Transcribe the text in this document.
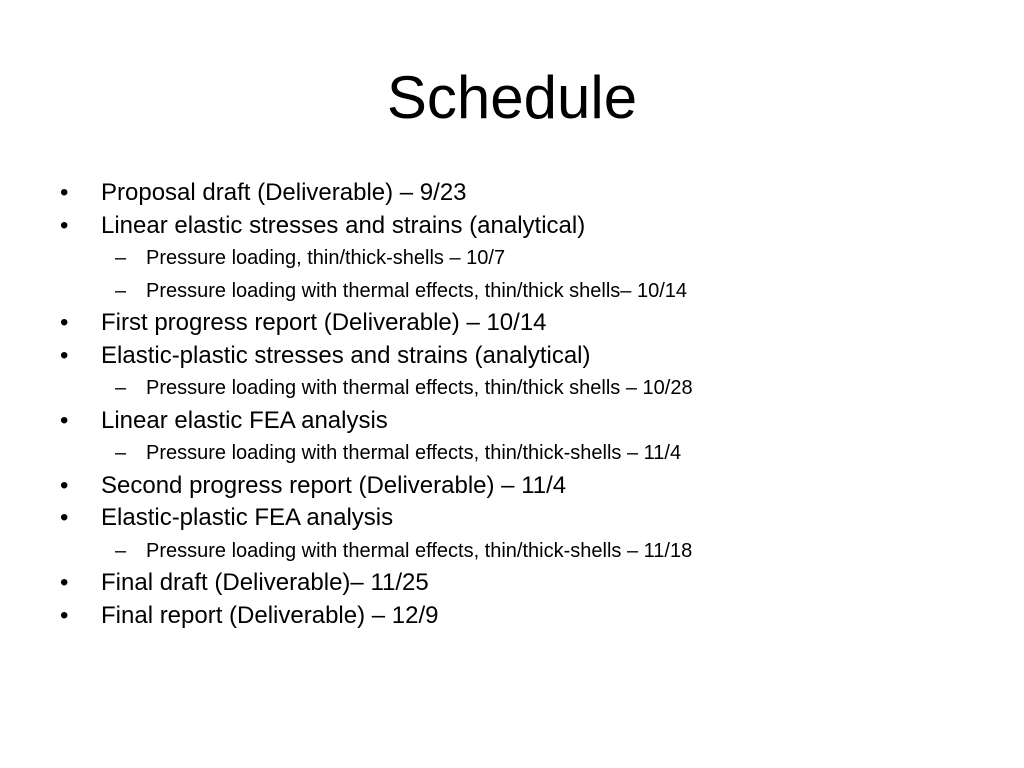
Schedule
• Proposal draft (Deliverable) – 9/23
• Linear elastic stresses and strains (analytical)
– Pressure loading, thin/thick-shells – 10/7
– Pressure loading with thermal effects, thin/thick shells– 10/14
• First progress report (Deliverable) – 10/14
• Elastic-plastic stresses and strains (analytical)
– Pressure loading with thermal effects, thin/thick shells – 10/28
• Linear elastic FEA analysis
– Pressure loading with thermal effects, thin/thick-shells – 11/4
• Second progress report (Deliverable) – 11/4
• Elastic-plastic FEA analysis
– Pressure loading with thermal effects, thin/thick-shells – 11/18
• Final draft (Deliverable)– 11/25
• Final report (Deliverable) – 12/9
